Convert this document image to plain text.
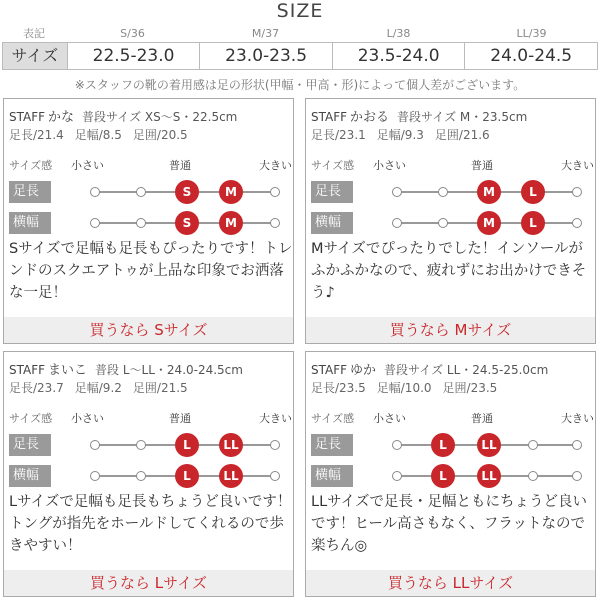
SIZE
表記	S/36	M/37	L/38	LL/39
サイズ	22.5-23.0	23.0-23.5	23.5-24.0	24.0-24.5
※スタッフの靴の着用感は足の形状(甲幅・甲高・形)によって個人差がございます。
STAFF かな 普段サイズ XS〜S・22.5cm
足長/21.4 足幅/8.5 足囲/20.5
サイズ感 小さい	普通	大きい
足長	S	M
横幅	S	M
Sサイズで足幅も足長もぴったりです！トレンドのスクエアトゥが上品な印象でお洒落な一足！
買うなら Sサイズ
STAFF かおる 普段サイズ M・23.5cm
足長/23.1 足幅/9.3 足囲/21.6
サイズ感 小さい	普通	大きい
足長	M	L
横幅	M	L
Mサイズでぴったりでした！インソールがふかふかなので、疲れずにお出かけできそう♪
買うなら Mサイズ
STAFF まいこ 普段 L〜LL・24.0-24.5cm
足長/23.7 足幅/9.2 足囲/21.5
サイズ感 小さい	普通	大きい
足長	L	LL
横幅	L	LL
Lサイズで足幅も足長もちょうど良いです！トングが指先をホールドしてくれるので歩きやすい！
買うなら Lサイズ
STAFF ゆか 普段サイズ LL・24.5-25.0cm
足長/23.5 足幅/10.0 足囲/23.5
サイズ感 小さい	普通	大きい
足長	L	LL
横幅	L	LL
LLサイズで足長・足幅ともにちょうど良いです！ヒール高さもなく、フラットなので楽ちん◎
買うなら LLサイズ
